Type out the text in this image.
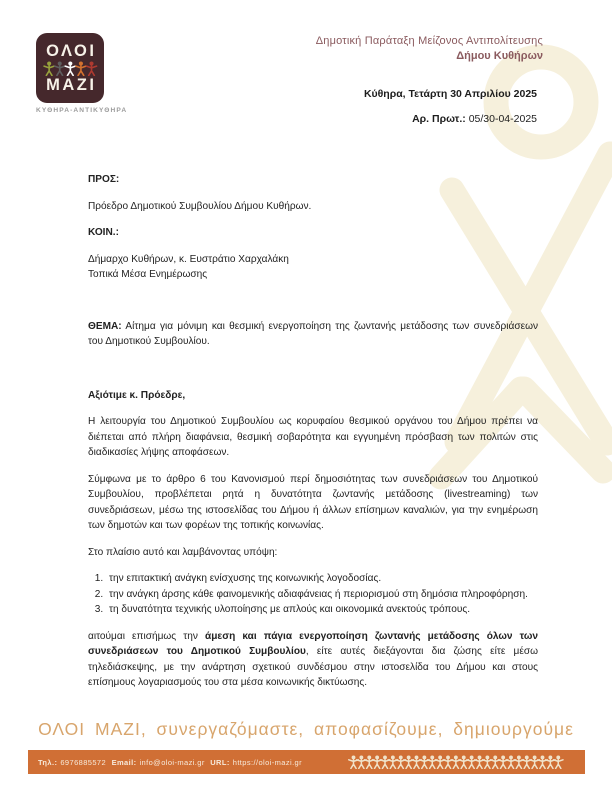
ΟΛΟΙ
ΜΑΖΙ
ΚΥΘΗΡΑ-ΑΝΤΙΚΥΘΗΡΑ
Δημοτική Παράταξη Μείζονος Αντιπολίτευσης
Δήμου Κυθήρων
Κύθηρα, Τετάρτη 30 Απριλίου 2025
Αρ. Πρωτ.: 05/30-04-2025

ΠΡΟΣ:

Πρόεδρο Δημοτικού Συμβουλίου Δήμου Κυθήρων.

ΚΟΙΝ.:

Δήμαρχο Κυθήρων, κ. Ευστράτιο Χαρχαλάκη
Τοπικά Μέσα Ενημέρωσης

ΘΕΜΑ: Αίτημα για μόνιμη και θεσμική ενεργοποίηση της ζωντανής μετάδοσης των συνεδριάσεων του Δημοτικού Συμβουλίου.

Αξιότιμε κ. Πρόεδρε,

Η λειτουργία του Δημοτικού Συμβουλίου ως κορυφαίου θεσμικού οργάνου του Δήμου πρέπει να διέπεται από πλήρη διαφάνεια, θεσμική σοβαρότητα και εγγυημένη πρόσβαση των πολιτών στις διαδικασίες λήψης αποφάσεων.

Σύμφωνα με το άρθρο 6 του Κανονισμού περί δημοσιότητας των συνεδριάσεων του Δημοτικού Συμβουλίου, προβλέπεται ρητά η δυνατότητα ζωντανής μετάδοσης (livestreaming) των συνεδριάσεων, μέσω της ιστοσελίδας του Δήμου ή άλλων επίσημων καναλιών, για την ενημέρωση των δημοτών και των φορέων της τοπικής κοινωνίας.

Στο πλαίσιο αυτό και λαμβάνοντας υπόψη:

1. την επιτακτική ανάγκη ενίσχυσης της κοινωνικής λογοδοσίας.
2. την ανάγκη άρσης κάθε φαινομενικής αδιαφάνειας ή περιορισμού στη δημόσια πληροφόρηση.
3. τη δυνατότητα τεχνικής υλοποίησης με απλούς και οικονομικά ανεκτούς τρόπους.

αιτούμαι επισήμως την άμεση και πάγια ενεργοποίηση ζωντανής μετάδοσης όλων των συνεδριάσεων του Δημοτικού Συμβουλίου, είτε αυτές διεξάγονται δια ζώσης είτε μέσω τηλεδιάσκεψης, με την ανάρτηση σχετικού συνδέσμου στην ιστοσελίδα του Δήμου και στους επίσημους λογαριασμούς του στα μέσα κοινωνικής δικτύωσης.

ΟΛΟΙ ΜΑΖΙ, συνεργαζόμαστε, αποφασίζουμε, δημιουργούμε
Τηλ.: 6976885572 Email: info@oloi-mazi.gr URL: https://oloi-mazi.gr
